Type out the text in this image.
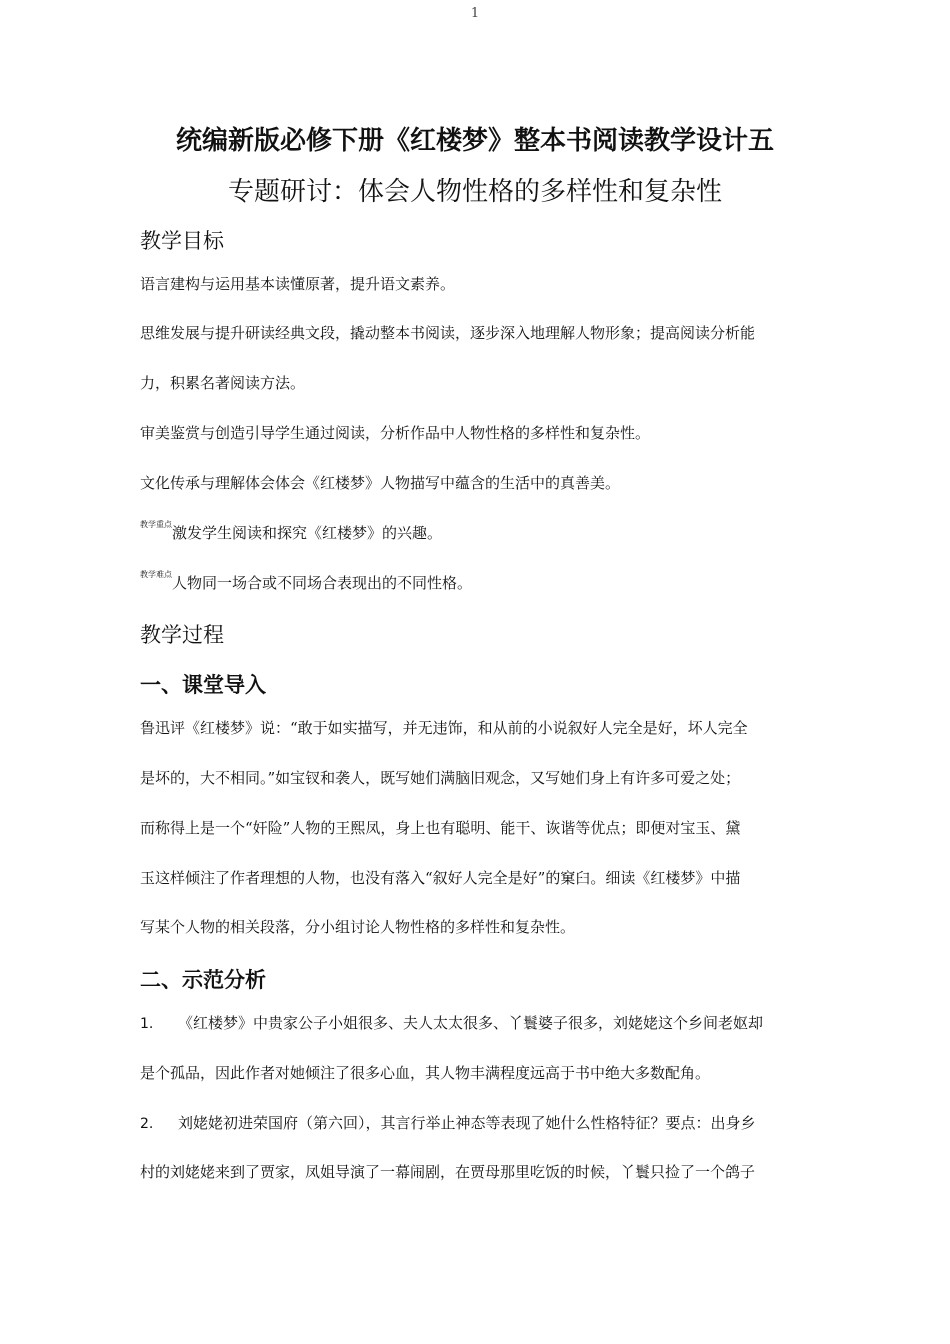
1
统编新版必修下册《红楼梦》整本书阅读教学设计五
专题研讨：体会人物性格的多样性和复杂性
教学目标
语言建构与运用基本读懂原著，提升语文素养。
思维发展与提升研读经典文段，撬动整本书阅读，逐步深入地理解人物形象；提高阅读分析能
力，积累名著阅读方法。
审美鉴赏与创造引导学生通过阅读，分析作品中人物性格的多样性和复杂性。
文化传承与理解体会体会《红楼梦》人物描写中蕴含的生活中的真善美。
$^{教学重点}$激发学生阅读和探究《红楼梦》的兴趣。
$^{教学难点}$人物同一场合或不同场合表现出的不同性格。
教学过程
一、课堂导入
鲁迅评《红楼梦》说：“敢于如实描写，并无违饰，和从前的小说叙好人完全是好，坏人完全
是坏的，大不相同。”如宝钗和袭人，既写她们满脑旧观念，又写她们身上有许多可爱之处；
而称得上是一个“奸险”人物的王熙凤，身上也有聪明、能干、诙谐等优点；即便对宝玉、黛
玉这样倾注了作者理想的人物，也没有落入“叙好人完全是好”的窠臼。细读《红楼梦》中描
写某个人物的相关段落，分小组讨论人物性格的多样性和复杂性。
二、示范分析
1. 《红楼梦》中贵家公子小姐很多、夫人太太很多、丫鬟婆子很多，刘姥姥这个乡间老妪却
是个孤品，因此作者对她倾注了很多心血，其人物丰满程度远高于书中绝大多数配角。
2. 刘姥姥初进荣国府（第六回），其言行举止神态等表现了她什么性格特征？要点：出身乡
村的刘姥姥来到了贾家，凤姐导演了一幕闹剧，在贾母那里吃饭的时候，丫鬟只捡了一个鸽子
